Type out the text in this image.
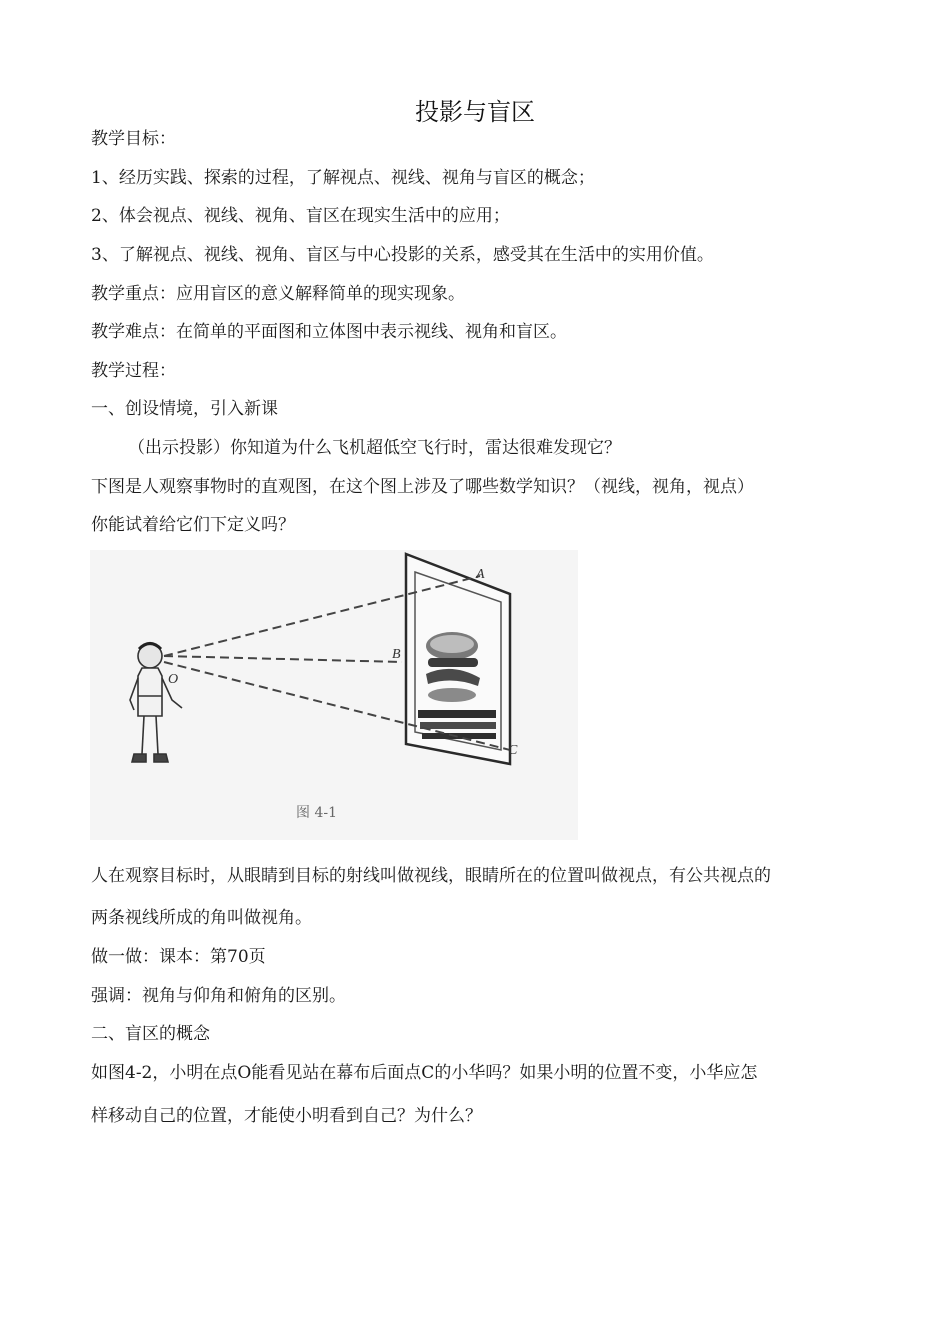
投影与盲区
教学目标：
1、经历实践、探索的过程，了解视点、视线、视角与盲区的概念；
2、体会视点、视线、视角、盲区在现实生活中的应用；
3、了解视点、视线、视角、盲区与中心投影的关系，感受其在生活中的实用价值。
教学重点：应用盲区的意义解释简单的现实现象。
教学难点：在简单的平面图和立体图中表示视线、视角和盲区。
教学过程：
一、创设情境，引入新课
（出示投影）你知道为什么飞机超低空飞行时，雷达很难发现它？
下图是人观察事物时的直观图，在这个图上涉及了哪些数学知识？（视线，视角，视点）
你能试着给它们下定义吗？
A
B
C
O
图 4-1
人在观察目标时，从眼睛到目标的射线叫做视线，眼睛所在的位置叫做视点，有公共视点的
两条视线所成的角叫做视角。
做一做：课本：第70页
强调：视角与仰角和俯角的区别。
二、盲区的概念
如图4-2，小明在点O能看见站在幕布后面点C的小华吗？如果小明的位置不变，小华应怎
样移动自己的位置，才能使小明看到自己？为什么？
